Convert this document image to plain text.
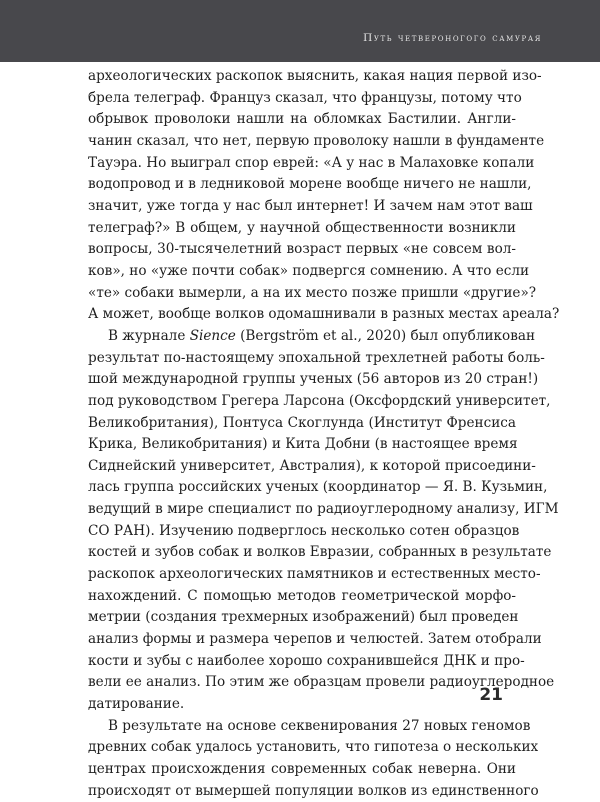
Путь четвероногого самурая
археологических раскопок выяснить, какая нация первой изо-
брела телеграф. Француз сказал, что французы, потому что
обрывок проволоки нашли на обломках Бастилии. Англи-
чанин сказал, что нет, первую проволоку нашли в фундаменте
Тауэра. Но выиграл спор еврей: «А у нас в Малаховке копали
водопровод и в ледниковой морене вообще ничего не нашли,
значит, уже тогда у нас был интернет! И зачем нам этот ваш
телеграф?» В общем, у научной общественности возникли
вопросы, 30-тысячелетний возраст первых «не совсем вол-
ков», но «уже почти собак» подвергся сомнению. А что если
«те» собаки вымерли, а на их место позже пришли «другие»?
А может, вообще волков одомашнивали в разных местах ареала?
В журнале Sience (Bergström et al., 2020) был опубликован
результат по-настоящему эпохальной трехлетней работы боль-
шой международной группы ученых (56 авторов из 20 стран!)
под руководством Грегера Ларсона (Оксфордский университет,
Великобритания), Понтуса Скоглунда (Институт Френсиса
Крика, Великобритания) и Кита Добни (в настоящее время
Сиднейский университет, Австралия), к которой присоедини-
лась группа российских ученых (координатор — Я. В. Кузьмин,
ведущий в мире специалист по радиоуглеродному анализу, ИГМ
СО РАН). Изучению подверглось несколько сотен образцов
костей и зубов собак и волков Евразии, собранных в результате
раскопок археологических памятников и естественных место-
нахождений. С помощью методов геометрической морфо-
метрии (создания трехмерных изображений) был проведен
анализ формы и размера черепов и челюстей. Затем отобрали
кости и зубы с наиболее хорошо сохранившейся ДНК и про-
вели ее анализ. По этим же образцам провели радиоуглеродное
датирование.
В результате на основе секвенирования 27 новых геномов
древних собак удалось установить, что гипотеза о нескольких
центрах происхождения современных собак неверна. Они
происходят от вымершей популяции волков из единственного
21
